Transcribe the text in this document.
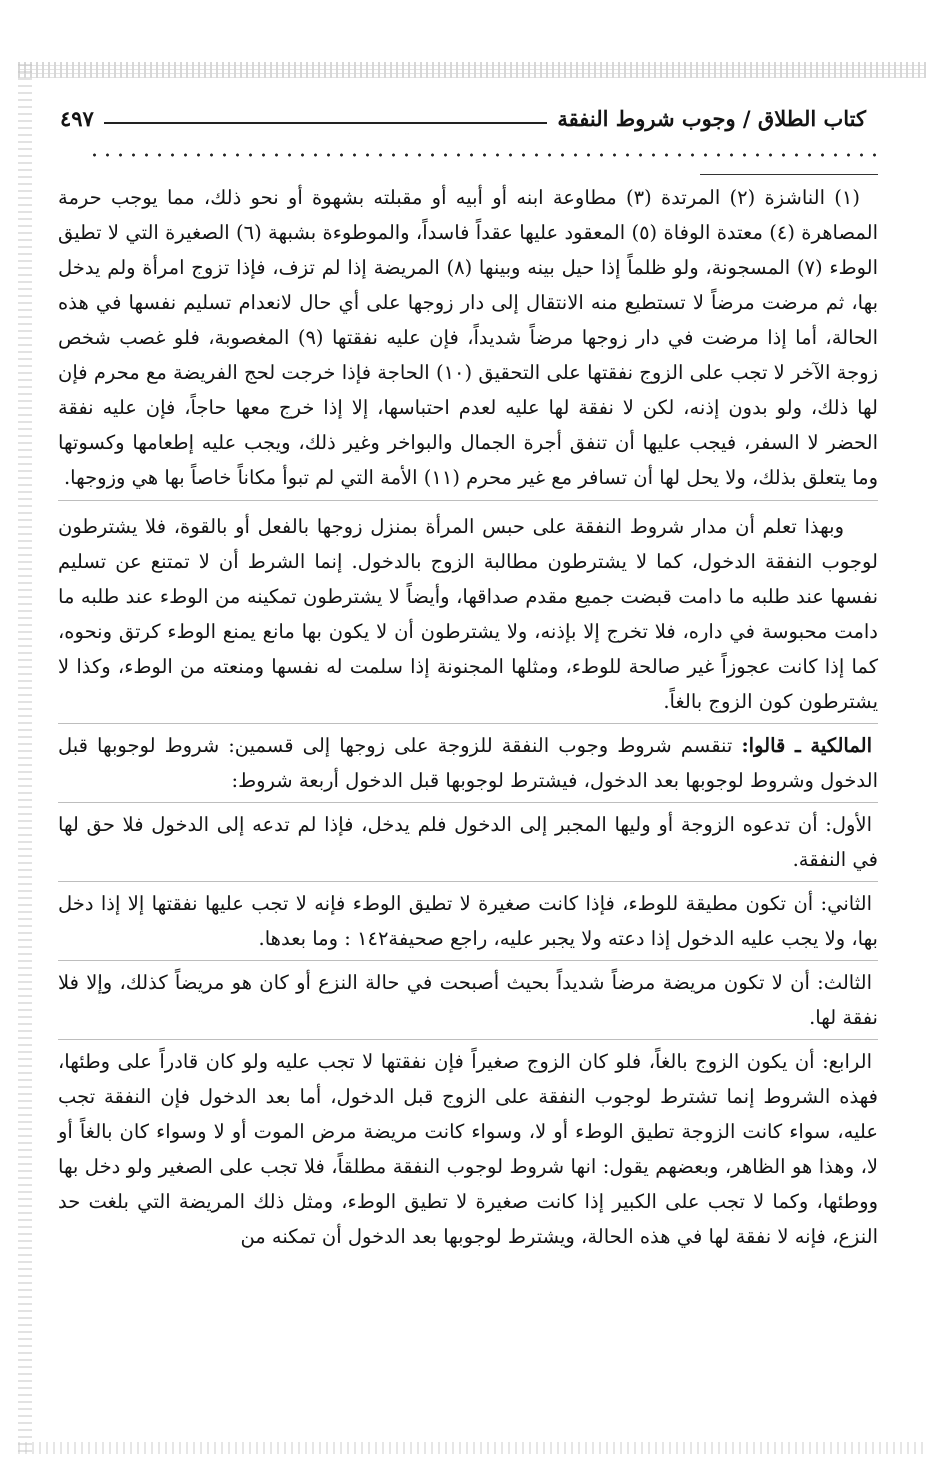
كتاب الطلاق / وجوب شروط النفقة
٤٩٧

(١) الناشزة (٢) المرتدة (٣) مطاوعة ابنه أو أبيه أو مقبلته بشهوة أو نحو ذلك، مما يوجب حرمة المصاهرة (٤) معتدة الوفاة (٥) المعقود عليها عقداً فاسداً، والموطوءة بشبهة (٦) الصغيرة التي لا تطيق الوطء (٧) المسجونة، ولو ظلماً إذا حيل بينه وبينها (٨) المريضة إذا لم تزف، فإذا تزوج امرأة ولم يدخل بها، ثم مرضت مرضاً لا تستطيع منه الانتقال إلى دار زوجها على أي حال لانعدام تسليم نفسها في هذه الحالة، أما إذا مرضت في دار زوجها مرضاً شديداً، فإن عليه نفقتها (٩) المغصوبة، فلو غصب شخص زوجة الآخر لا تجب على الزوج نفقتها على التحقيق (١٠) الحاجة فإذا خرجت لحج الفريضة مع محرم فإن لها ذلك، ولو بدون إذنه، لكن لا نفقة لها عليه لعدم احتباسها، إلا إذا خرج معها حاجاً، فإن عليه نفقة الحضر لا السفر، فيجب عليها أن تنفق أجرة الجمال والبواخر وغير ذلك، ويجب عليه إطعامها وكسوتها وما يتعلق بذلك، ولا يحل لها أن تسافر مع غير محرم (١١) الأمة التي لم تبوأ مكاناً خاصاً بها هي وزوجها.

وبهذا تعلم أن مدار شروط النفقة على حبس المرأة بمنزل زوجها بالفعل أو بالقوة، فلا يشترطون لوجوب النفقة الدخول، كما لا يشترطون مطالبة الزوج بالدخول. إنما الشرط أن لا تمتنع عن تسليم نفسها عند طلبه ما دامت قبضت جميع مقدم صداقها، وأيضاً لا يشترطون تمكينه من الوطء عند طلبه ما دامت محبوسة في داره، فلا تخرج إلا بإذنه، ولا يشترطون أن لا يكون بها مانع يمنع الوطء كرتق ونحوه، كما إذا كانت عجوزاً غير صالحة للوطء، ومثلها المجنونة إذا سلمت له نفسها ومنعته من الوطء، وكذا لا يشترطون كون الزوج بالغاً.

المالكية ـ قالوا: تنقسم شروط وجوب النفقة للزوجة على زوجها إلى قسمين: شروط لوجوبها قبل الدخول وشروط لوجوبها بعد الدخول، فيشترط لوجوبها قبل الدخول أربعة شروط:

الأول: أن تدعوه الزوجة أو وليها المجبر إلى الدخول فلم يدخل، فإذا لم تدعه إلى الدخول فلا حق لها في النفقة.

الثاني: أن تكون مطيقة للوطء، فإذا كانت صغيرة لا تطيق الوطء فإنه لا تجب عليها نفقتها إلا إذا دخل بها، ولا يجب عليه الدخول إذا دعته ولا يجبر عليه، راجع صحيفة١٤٢ : وما بعدها.

الثالث: أن لا تكون مريضة مرضاً شديداً بحيث أصبحت في حالة النزع أو كان هو مريضاً كذلك، وإلا فلا نفقة لها.

الرابع: أن يكون الزوج بالغاً، فلو كان الزوج صغيراً فإن نفقتها لا تجب عليه ولو كان قادراً على وطئها، فهذه الشروط إنما تشترط لوجوب النفقة على الزوج قبل الدخول، أما بعد الدخول فإن النفقة تجب عليه، سواء كانت الزوجة تطيق الوطء أو لا، وسواء كانت مريضة مرض الموت أو لا وسواء كان بالغاً أو لا، وهذا هو الظاهر، وبعضهم يقول: انها شروط لوجوب النفقة مطلقاً، فلا تجب على الصغير ولو دخل بها ووطئها، وكما لا تجب على الكبير إذا كانت صغيرة لا تطيق الوطء، ومثل ذلك المريضة التي بلغت حد النزع، فإنه لا نفقة لها في هذه الحالة، ويشترط لوجوبها بعد الدخول أن تمكنه من
